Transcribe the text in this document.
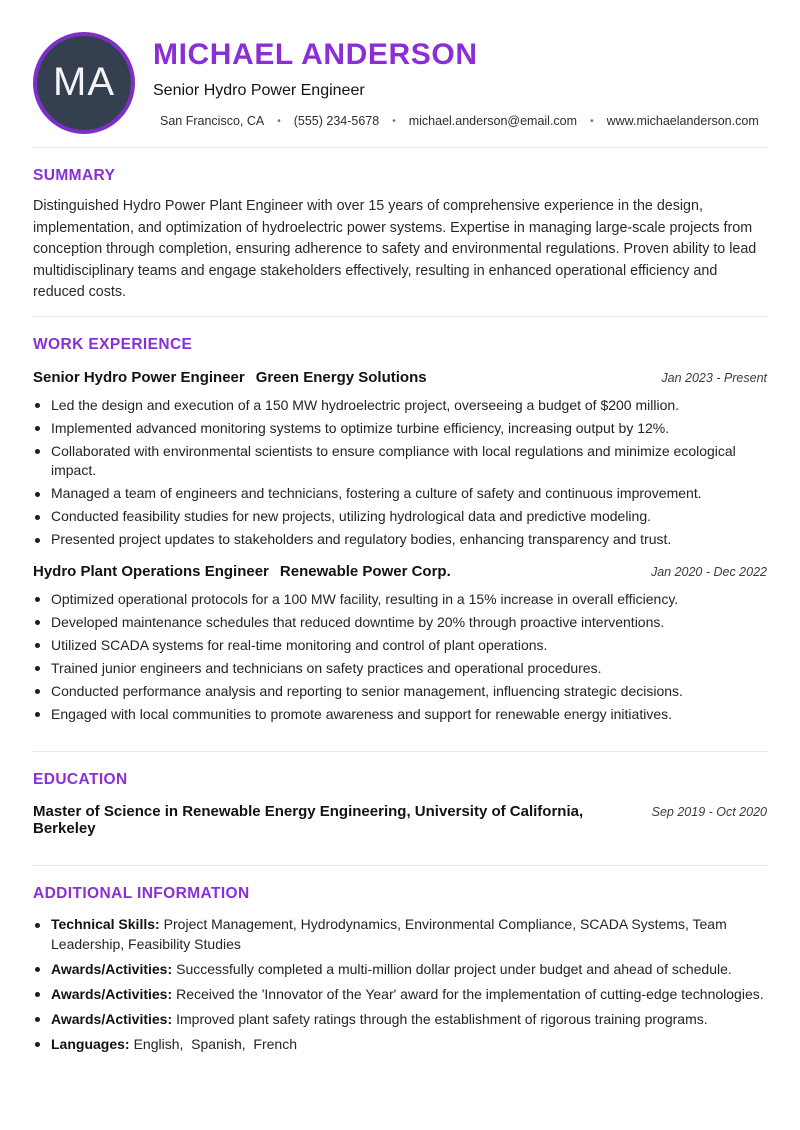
MA
MICHAEL ANDERSON
Senior Hydro Power Engineer
San Francisco, CA • (555) 234-5678 • michael.anderson@email.com • www.michaelanderson.com
SUMMARY

Distinguished Hydro Power Plant Engineer with over 15 years of comprehensive experience in the design, implementation, and optimization of hydroelectric power systems. Expertise in managing large-scale projects from conception through completion, ensuring adherence to safety and environmental regulations. Proven ability to lead multidisciplinary teams and engage stakeholders effectively, resulting in enhanced operational efficiency and reduced costs.

WORK EXPERIENCE
Senior Hydro Power Engineer Green Energy Solutions	Jan 2023 - Present
Led the design and execution of a 150 MW hydroelectric project, overseeing a budget of $200 million.
Implemented advanced monitoring systems to optimize turbine efficiency, increasing output by 12%.
Collaborated with environmental scientists to ensure compliance with local regulations and minimize ecological impact.
Managed a team of engineers and technicians, fostering a culture of safety and continuous improvement.
Conducted feasibility studies for new projects, utilizing hydrological data and predictive modeling.
Presented project updates to stakeholders and regulatory bodies, enhancing transparency and trust.
Hydro Plant Operations Engineer Renewable Power Corp.	Jan 2020 - Dec 2022
Optimized operational protocols for a 100 MW facility, resulting in a 15% increase in overall efficiency.
Developed maintenance schedules that reduced downtime by 20% through proactive interventions.
Utilized SCADA systems for real-time monitoring and control of plant operations.
Trained junior engineers and technicians on safety practices and operational procedures.
Conducted performance analysis and reporting to senior management, influencing strategic decisions.
Engaged with local communities to promote awareness and support for renewable energy initiatives.
EDUCATION
Master of Science in Renewable Energy Engineering, University of California, Berkeley
Sep 2019 - Oct 2020
ADDITIONAL INFORMATION
Technical Skills: Project Management, Hydrodynamics, Environmental Compliance, SCADA Systems, Team Leadership, Feasibility Studies
Awards/Activities: Successfully completed a multi-million dollar project under budget and ahead of schedule.
Awards/Activities: Received the 'Innovator of the Year' award for the implementation of cutting-edge technologies.
Awards/Activities: Improved plant safety ratings through the establishment of rigorous training programs.
Languages: English,  Spanish,  French
